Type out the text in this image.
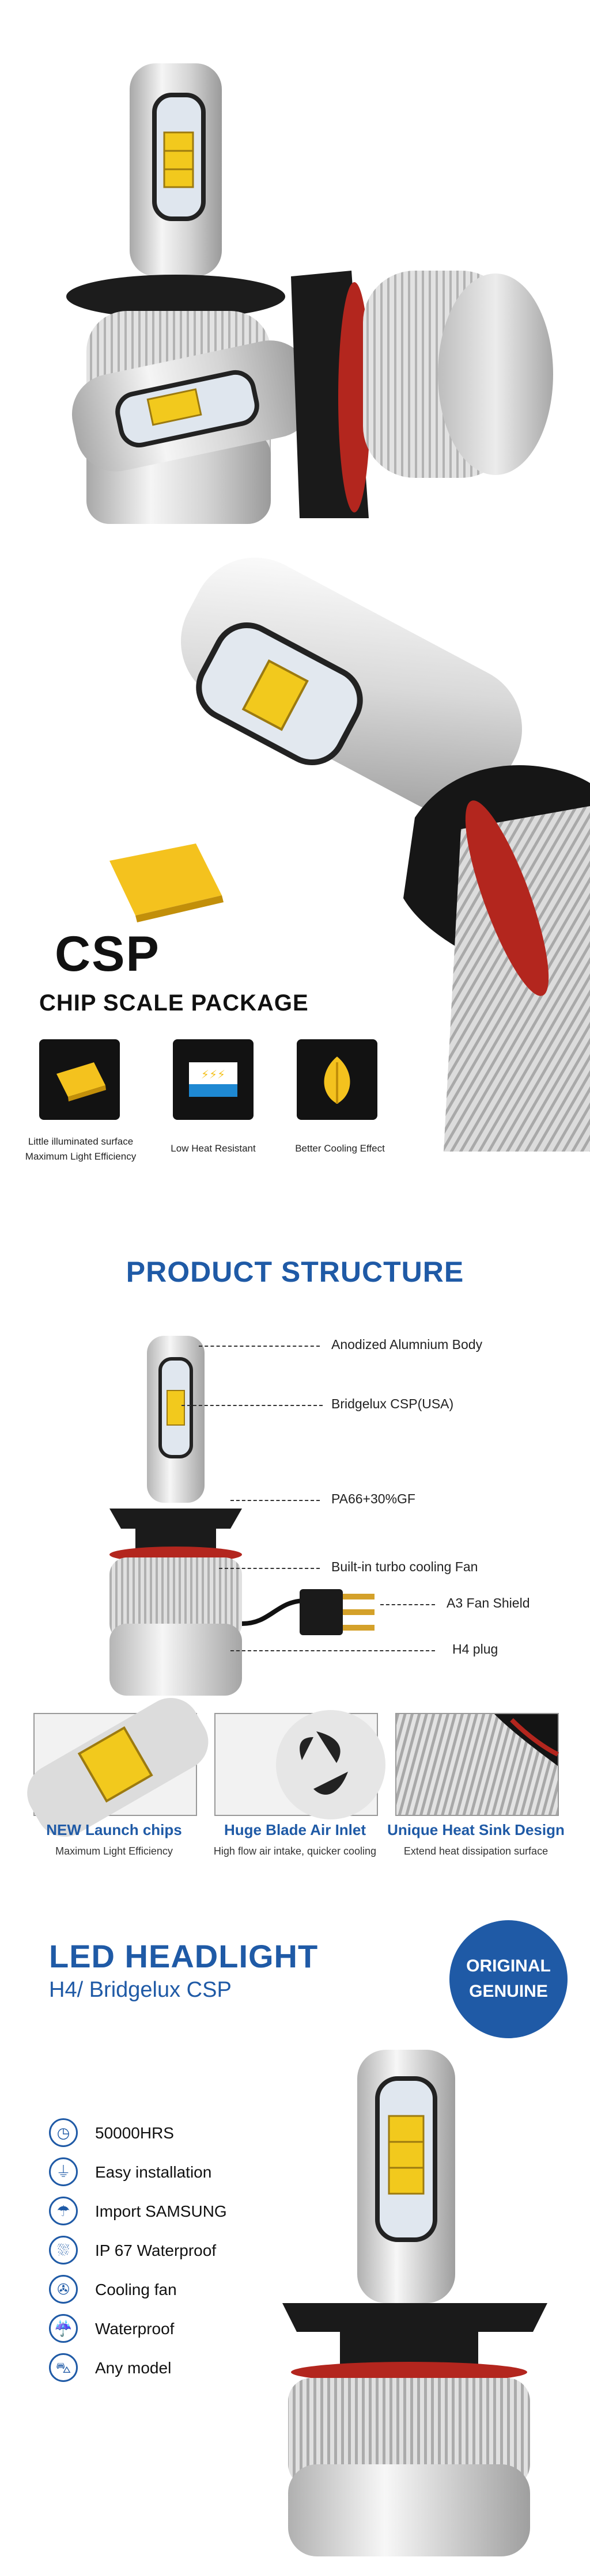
CSP
CHIP SCALE PACKAGE
⚡⚡⚡
Little illuminated surface
Maximum Light Efficiency
Low Heat Resistant	Better Cooling Effect
PRODUCT STRUCTURE
Anodized Alumnium Body
Bridgelux CSP(USA)
PA66+30%GF
Built-in turbo cooling Fan
A3 Fan Shield
H4 plug
NEW Launch chips
Maximum Light Efficiency
Huge Blade Air Inlet
High flow air intake, quicker cooling
Unique Heat Sink Design
Extend heat dissipation surface
LED HEADLIGHT
H4/ Bridgelux CSP
ORIGINAL
GENUINE
◷	50000HRS
⏚	Easy installation
☂	Import SAMSUNG
⛆	IP 67 Waterproof
✇	Cooling fan
☔	Waterproof
⛍	Any model
